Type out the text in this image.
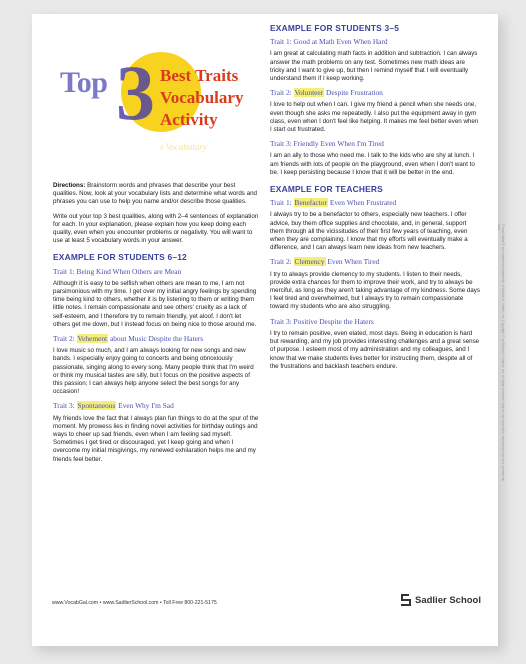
Top 3 Best Traits
Vocabulary
Activity
s Vocabulary

Directions: Brainstorm words and phrases that describe your best qualities. Now, look at your vocabulary lists and determine what words and phrases you can use to help you name and/or describe those qualities.

Write out your top 3 best qualities, along with 2–4 sentences of explanation for each. In your explanation, please explain how you keep doing each quality, even when you encounter problems or negativity. You will want to use at least 5 vocabulary words in your answer.

EXAMPLE FOR STUDENTS 6–12
Trait 1: Being Kind When Others are Mean

Although it is easy to be selfish when others are mean to me, I am not parsimonious with my time. I get over my initial angry feelings by spending time being kind to others, whether it is by listening to them or writing them little notes. I remain compassionate and see others' cruelty as a lack of self-esteem, and I therefore try to remain friendly, yet aloof. I don't let others get me down, but I instead focus on being nice to those around me.

Trait 2: Vehement about Music Despite the Haters

I love music so much, and I am always looking for new songs and new bands. I especially enjoy going to concerts and being obnoxiously passionate, singing along to every song. Many people think that I'm weird or think my musical tastes are silly, but I focus on the positive aspects of this passion; I can always help anyone select the best songs for any occasion!

Trait 3: Spontaneous Even Why I'm Sad

My friends love the fact that I always plan fun things to do at the spur of the moment. My prowess lies in finding novel activities for birthday outings and ways to cheer up sad friends, even when I am feeling sad myself. Sometimes I get tired or discouraged, yet I keep going and when I overcome my initial misgivings, my renewed exhilaration helps me and my friends feel better.

EXAMPLE FOR STUDENTS 3–5
Trait 1: Good at Math Even When Hard

I am great at calculating math facts in addition and subtraction. I can always answer the math problems on any test. Sometimes new math ideas are tricky and I want to give up, but then I remind myself that I will eventually understand them if I keep working.

Trait 2: Volunteer Despite Frustration

I love to help out when I can. I give my friend a pencil when she needs one, even though she asks me repeatedly. I also put the equipment away in gym class, even when I don't feel like helping. It makes me feel better even when I start out frustrated.

Trait 3: Friendly Even When I'm Tired

I am an ally to those who need me. I talk to the kids who are shy at lunch. I am friends with lots of people on the playground, even when I don't want to be. I keep persisting because I know that it will be better in the end.

EXAMPLE FOR TEACHERS
Trait 1: Benefactor Even When Frustrated

I always try to be a benefactor to others, especially new teachers. I offer advice, buy them office supplies and chocolate, and, in general, support them through all the vicissitudes of their first few years of teaching, even when they are complaining. I know that my efforts will eventually make a difference, and I can always learn new ideas from new teachers.

Trait 2: Clemency Even When Tired

I try to always provide clemency to my students. I listen to their needs, provide extra chances for them to improve their work, and try to always be merciful, as long as they aren't taking advantage of my kindness. Some days I feel tired and overwhelmed, but I always try to remain compassionate toward my students who are also struggling.

Trait 3: Positive Despite the Haters

I try to remain positive, even elated, most days. Being in education is hard but rewarding, and my job provides interesting challenges and a great sense of purpose. I esteem most of my administration and my colleagues, and I know that we make students lives better for instructing them, despite all of the frustrations and backlash teachers endure.

www.VocabGal.com • www.SadlierSchool.com • Toll Free 800-221-5175	Sadlier School
® and Sadlier® are registered trademarks of William H. Sadlier, Inc. Copyright © by William H. Sadlier, Inc. All rights reserved. May be reproduced for educational use (not commercial use)
